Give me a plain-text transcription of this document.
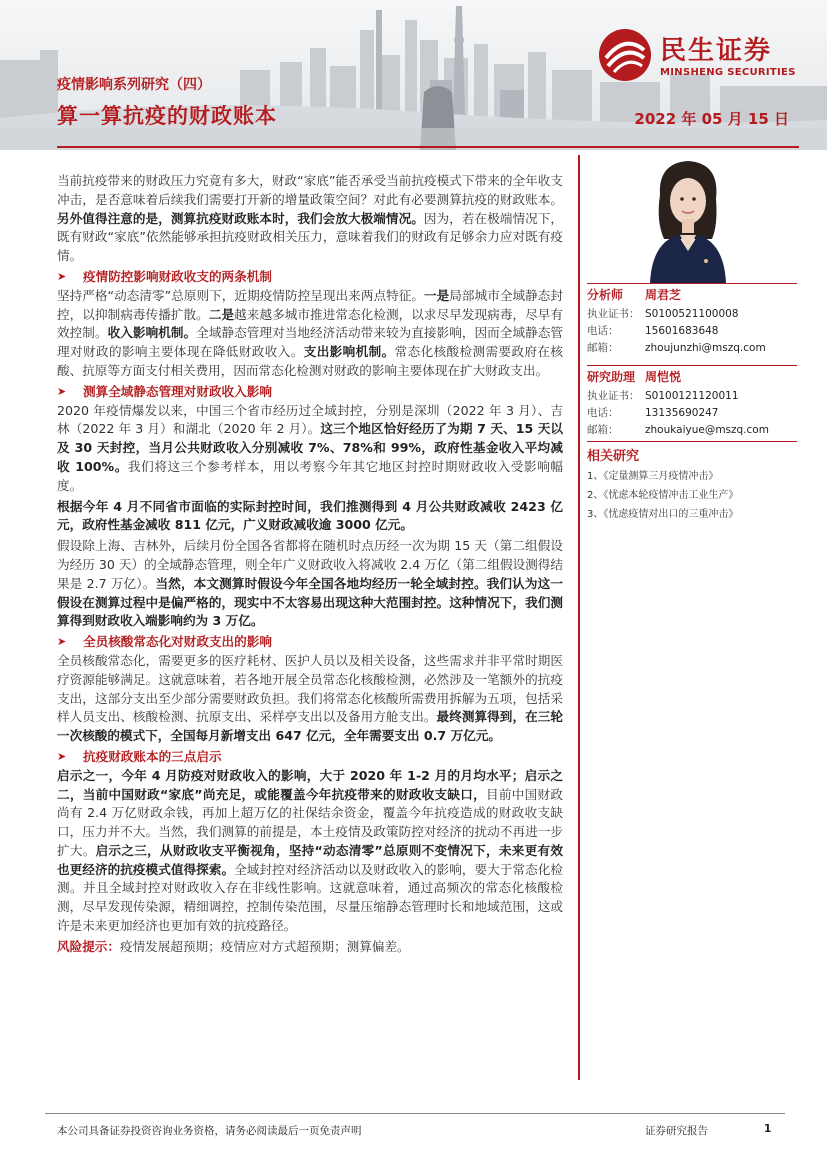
疫情影响系列研究（四）
算一算抗疫的财政账本	2022 年 05 月 15 日
民生证券
MINSHENG SECURITIES

当前抗疫带来的财政压力究竟有多大，财政“家底”能否承受当前抗疫模式下带来的全年收支冲击，是否意味着后续我们需要打开新的增量政策空间？对此有必要测算抗疫的财政账本。另外值得注意的是，测算抗疫财政账本时，我们会放大极端情况。因为，若在极端情况下，既有财政“家底”依然能够承担抗疫财政相关压力，意味着我们的财政有足够余力应对既有疫情。

➤	疫情防控影响财政收支的两条机制

坚持严格“动态清零”总原则下，近期疫情防控呈现出来两点特征。一是局部城市全域静态封控，以抑制病毒传播扩散。二是越来越多城市推进常态化检测，以求尽早发现病毒，尽早有效控制。收入影响机制。全域静态管理对当地经济活动带来较为直接影响，因而全域静态管理对财政的影响主要体现在降低财政收入。支出影响机制。常态化核酸检测需要政府在核酸、抗原等方面支付相关费用，因而常态化检测对财政的影响主要体现在扩大财政支出。

➤	测算全域静态管理对财政收入影响

2020 年疫情爆发以来，中国三个省市经历过全域封控，分别是深圳（2022 年 3 月）、吉林（2022 年 3 月）和湖北（2020 年 2 月）。这三个地区恰好经历了为期 7 天、15 天以及 30 天封控，当月公共财政收入分别减收 7%、78%和 99%，政府性基金收入平均减收 100%。我们将这三个参考样本，用以考察今年其它地区封控时期财政收入受影响幅度。

根据今年 4 月不同省市面临的实际封控时间，我们推测得到 4 月公共财政减收 2423 亿元，政府性基金减收 811 亿元，广义财政减收逾 3000 亿元。

假设除上海、吉林外，后续月份全国各省都将在随机时点历经一次为期 15 天（第二组假设为经历 30 天）的全域静态管理，则全年广义财政收入将减收 2.4 万亿（第二组假设测得结果是 2.7 万亿）。当然，本文测算时假设今年全国各地均经历一轮全域封控。我们认为这一假设在测算过程中是偏严格的，现实中不太容易出现这种大范围封控。这种情况下，我们测算得到财政收入端影响约为 3 万亿。

➤	全员核酸常态化对财政支出的影响

全员核酸常态化，需要更多的医疗耗材、医护人员以及相关设备，这些需求并非平常时期医疗资源能够满足。这就意味着，若各地开展全员常态化核酸检测，必然涉及一笔额外的抗疫支出，这部分支出至少部分需要财政负担。我们将常态化核酸所需费用拆解为五项，包括采样人员支出、核酸检测、抗原支出、采样亭支出以及备用方舱支出。最终测算得到，在三轮一次核酸的模式下，全国每月新增支出 647 亿元，全年需要支出 0.7 万亿元。

➤	抗疫财政账本的三点启示

启示之一，今年 4 月防疫对财政收入的影响，大于 2020 年 1-2 月的月均水平；启示之二，当前中国财政“家底”尚充足，或能覆盖今年抗疫带来的财政收支缺口，目前中国财政尚有 2.4 万亿财政余钱，再加上超万亿的社保结余资金，覆盖今年抗疫造成的财政收支缺口，压力并不大。当然，我们测算的前提是，本土疫情及政策防控对经济的扰动不再进一步扩大。启示之三，从财政收支平衡视角，坚持“动态清零”总原则不变情况下，未来更有效也更经济的抗疫模式值得探索。全域封控对经济活动以及财政收入的影响，要大于常态化检测。并且全域封控对财政收入存在非线性影响。这就意味着，通过高频次的常态化核酸检测，尽早发现传染源，精细调控，控制传染范围，尽量压缩静态管理时长和地域范围，这或许是未来更加经济也更加有效的抗疫路径。

风险提示：疫情发展超预期；疫情应对方式超预期；测算偏差。

分析师	周君芝
执业证书： S0100521100008
电话：	15601683648
邮箱：	zhoujunzhi@mszq.com
研究助理 周恺悦
执业证书： S0100121120011
电话：	13135690247
邮箱：	zhoukaiyue@mszq.com
相关研究
1、《定量测算三月疫情冲击》
2、《忧虑本轮疫情冲击工业生产》
3、《忧虑疫情对出口的三重冲击》
本公司具备证券投资咨询业务资格，请务必阅读最后一页免责声明	证券研究报告	1
